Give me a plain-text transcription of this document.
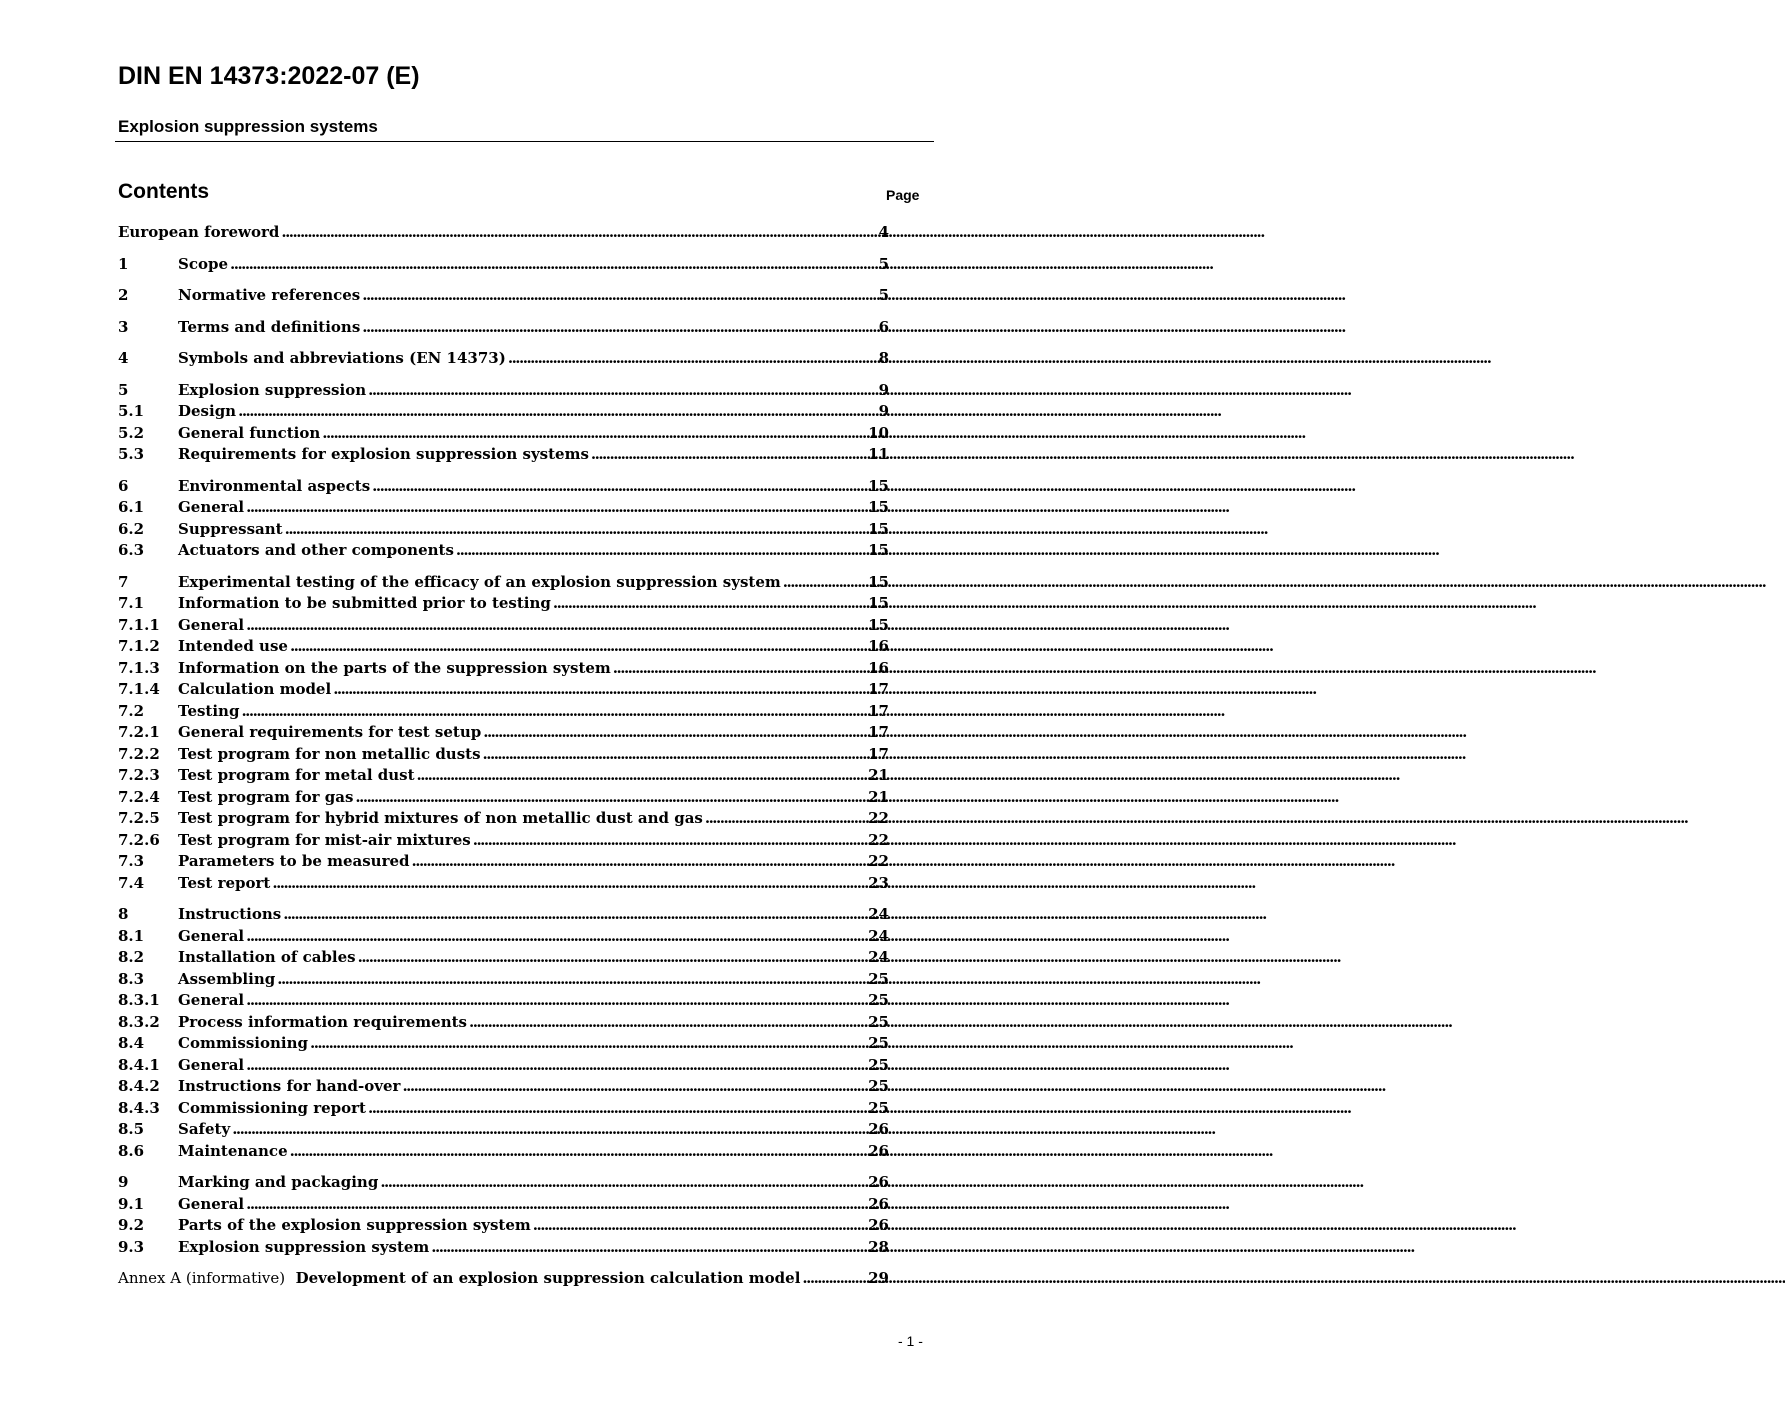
DIN EN 14373:2022-07 (E)
Explosion suppression systems
Contents	Page
European foreword .....	4
1	Scope .....	5
2	Normative references .....	5
3	Terms and definitions .....	6
4	Symbols and abbreviations (EN 14373) .....	8
5	Explosion suppression .....	9
5.1	Design .....	9
5.2	General function .....	10
5.3	Requirements for explosion suppression systems .....	11
6	Environmental aspects .....	15
6.1	General .....	15
6.2	Suppressant .....	15
6.3	Actuators and other components .....	15
7	Experimental testing of the efficacy of an explosion suppression system .....	15
7.1	Information to be submitted prior to testing .....	15
7.1.1	General .....	15
7.1.2	Intended use .....	16
7.1.3	Information on the parts of the suppression system .....	16
7.1.4	Calculation model .....	17
7.2	Testing .....	17
7.2.1	General requirements for test setup .....	17
7.2.2	Test program for non metallic dusts .....	17
7.2.3	Test program for metal dust .....	21
7.2.4	Test program for gas .....	21
7.2.5	Test program for hybrid mixtures of non metallic dust and gas .....	22
7.2.6	Test program for mist-air mixtures .....	22
7.3	Parameters to be measured .....	22
7.4	Test report .....	23
8	Instructions .....	24
8.1	General .....	24
8.2	Installation of cables .....	24
8.3	Assembling .....	25
8.3.1	General .....	25
8.3.2	Process information requirements .....	25
8.4	Commissioning .....	25
8.4.1	General .....	25
8.4.2	Instructions for hand-over .....	25
8.4.3	Commissioning report .....	25
8.5	Safety .....	26
8.6	Maintenance .....	26
9	Marking and packaging .....	26
9.1	General .....	26
9.2	Parts of the explosion suppression system .....	26
9.3	Explosion suppression system .....	28
Annex A (informative) Development of an explosion suppression calculation model .....	29
- 1 -
